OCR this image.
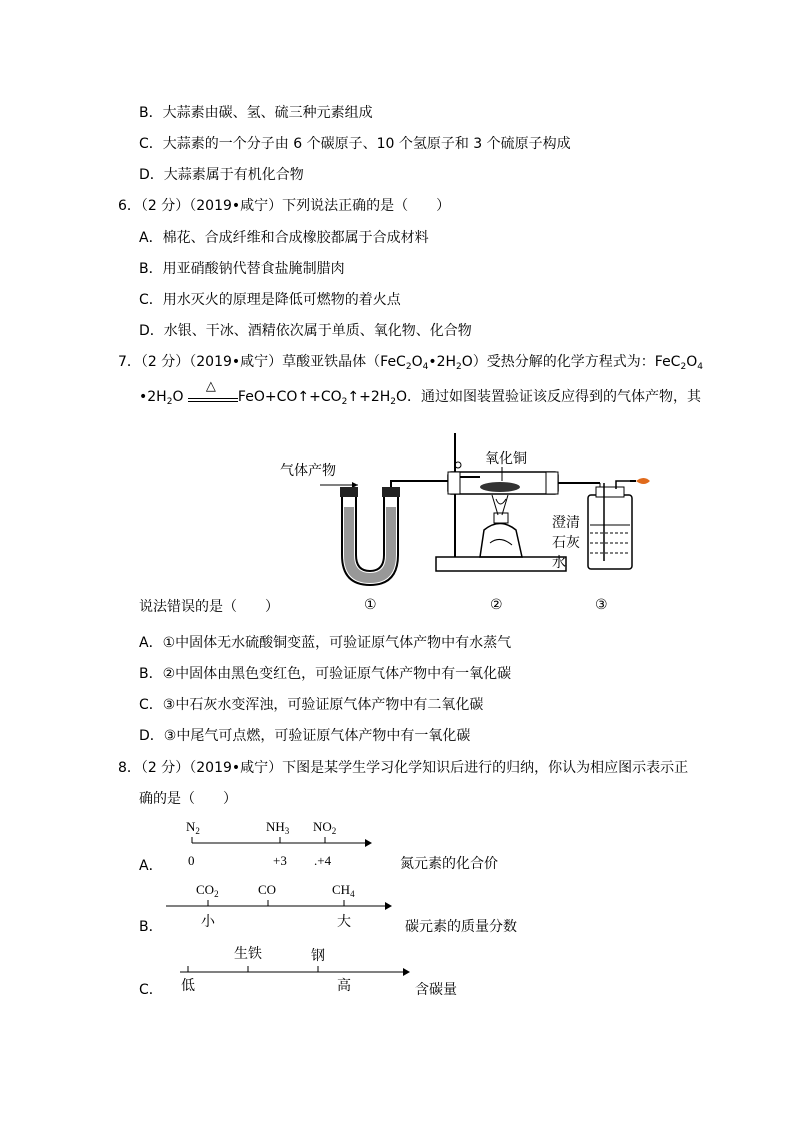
B．大蒜素由碳、氢、硫三种元素组成
C．大蒜素的一个分子由 6 个碳原子、10 个氢原子和 3 个硫原子构成
D．大蒜素属于有机化合物
6．（2 分）（2019•咸宁）下列说法正确的是（　　）
A．棉花、合成纤维和合成橡胶都属于合成材料
B．用亚硝酸钠代替食盐腌制腊肉
C．用水灭火的原理是降低可燃物的着火点
D．水银、干冰、酒精依次属于单质、氧化物、化合物
7．（2 分）（2019•咸宁）草酸亚铁晶体$(FeC_2O_4•2H_2O)$受热分解的化学方程式为：$FeC_2O_4$
$•2H_2O$
△
$FeO+CO↑+CO_2↑+2H_2O$．通过如图装置验证该反应得到的气体产物，其
气体产物
氧化铜
澄清
石灰
水
①	②	③
说法错误的是（　　）
A．①中固体无水硫酸铜变蓝，可验证原气体产物中有水蒸气
B．②中固体由黑色变红色，可验证原气体产物中有一氧化碳
C．③中石灰水变浑浊，可验证原气体产物中有二氧化碳
D．③中尾气可点燃，可验证原气体产物中有一氧化碳
8．（2 分）（2019•咸宁）下图是某学生学习化学知识后进行的归纳，你认为相应图示表示正
确的是（　　）
A．
$N_2$	$NH_3$ $NO_2$
0	+3 .+4	氮元素的化合价
B．
$CO_2$	CO	$CH_4$
小	大	碳元素的质量分数
C．
生铁	钢
低	高	含碳量
